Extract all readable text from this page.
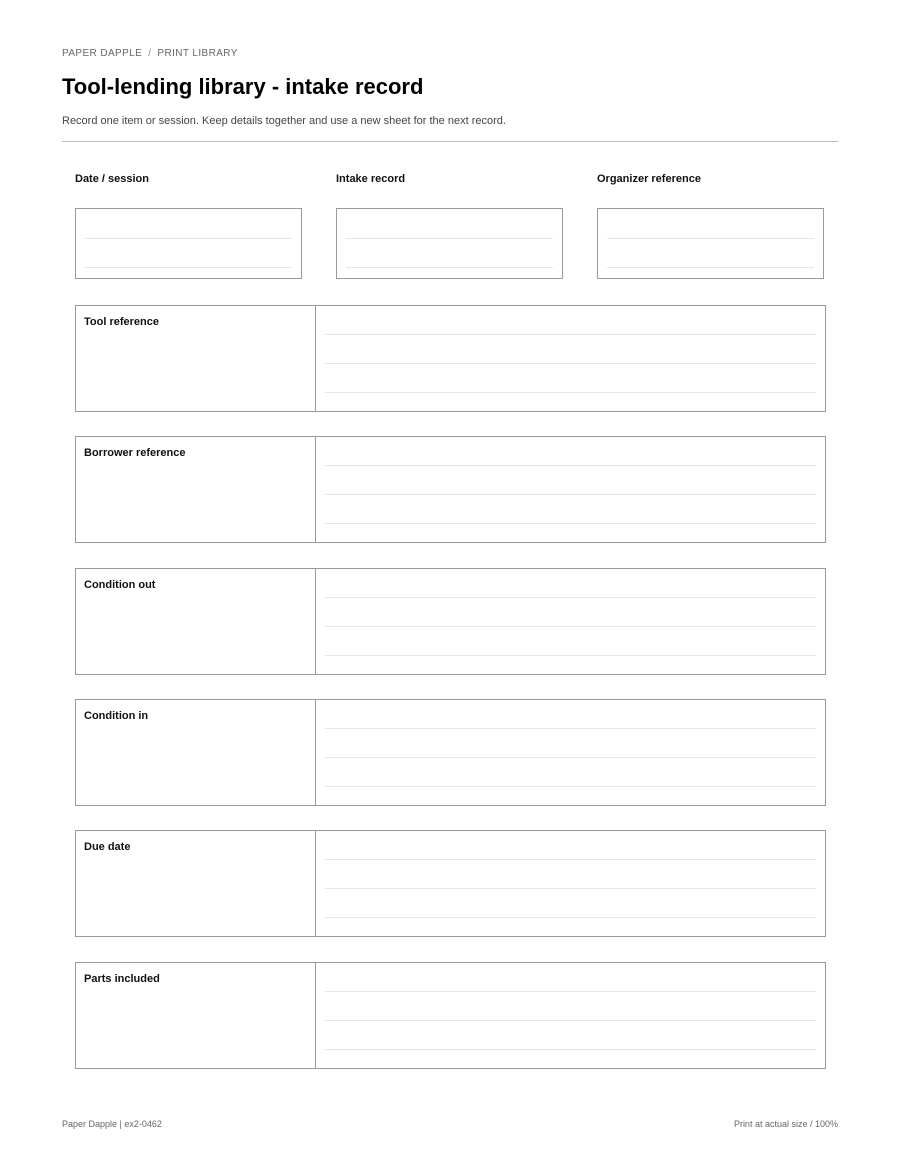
PAPER DAPPLE / PRINT LIBRARY
Tool-lending library - intake record
Record one item or session. Keep details together and use a new sheet for the next record.
Date / session	Intake record	Organizer reference
Tool reference
Borrower reference
Condition out
Condition in
Due date
Parts included
Paper Dapple | ex2-0462	Print at actual size / 100%
